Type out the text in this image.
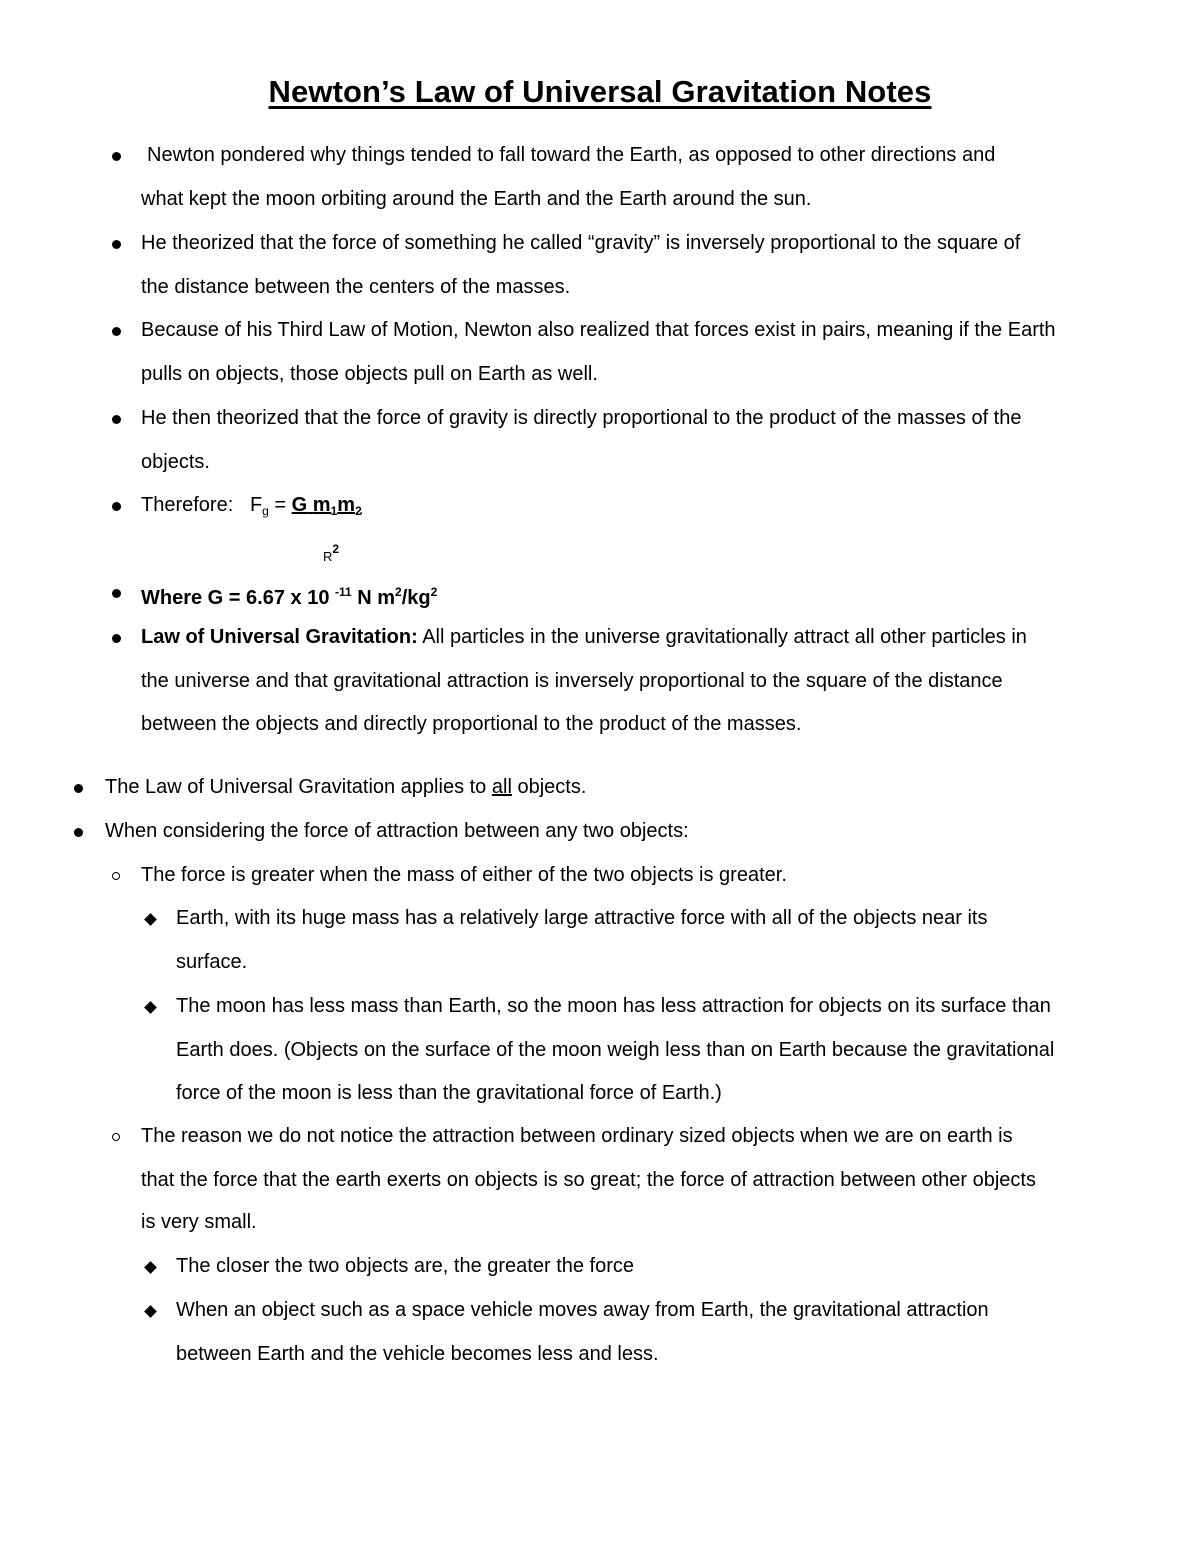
Newton’s Law of Universal Gravitation Notes
Newton pondered why things tended to fall toward the Earth, as opposed to other directions and
what kept the moon orbiting around the Earth and the Earth around the sun.
He theorized that the force of something he called “gravity” is inversely proportional to the square of
the distance between the centers of the masses.
Because of his Third Law of Motion, Newton also realized that forces exist in pairs, meaning if the Earth
pulls on objects, those objects pull on Earth as well.
He then theorized that the force of gravity is directly proportional to the product of the masses of the
objects.
Therefore: $F_g = G$ $m_1m_2$
$R^2$
Where G = 6.67 x 10 $^{-11}$ N $m^2/kg^2$
Law of Universal Gravitation: All particles in the universe gravitationally attract all other particles in
the universe and that gravitational attraction is inversely proportional to the square of the distance
between the objects and directly proportional to the product of the masses.
The Law of Universal Gravitation applies to all objects.
When considering the force of attraction between any two objects:
The force is greater when the mass of either of the two objects is greater.
Earth, with its huge mass has a relatively large attractive force with all of the objects near its
surface.
The moon has less mass than Earth, so the moon has less attraction for objects on its surface than
Earth does. (Objects on the surface of the moon weigh less than on Earth because the gravitational
force of the moon is less than the gravitational force of Earth.)
The reason we do not notice the attraction between ordinary sized objects when we are on earth is
that the force that the earth exerts on objects is so great; the force of attraction between other objects
is very small.
The closer the two objects are, the greater the force
When an object such as a space vehicle moves away from Earth, the gravitational attraction
between Earth and the vehicle becomes less and less.
